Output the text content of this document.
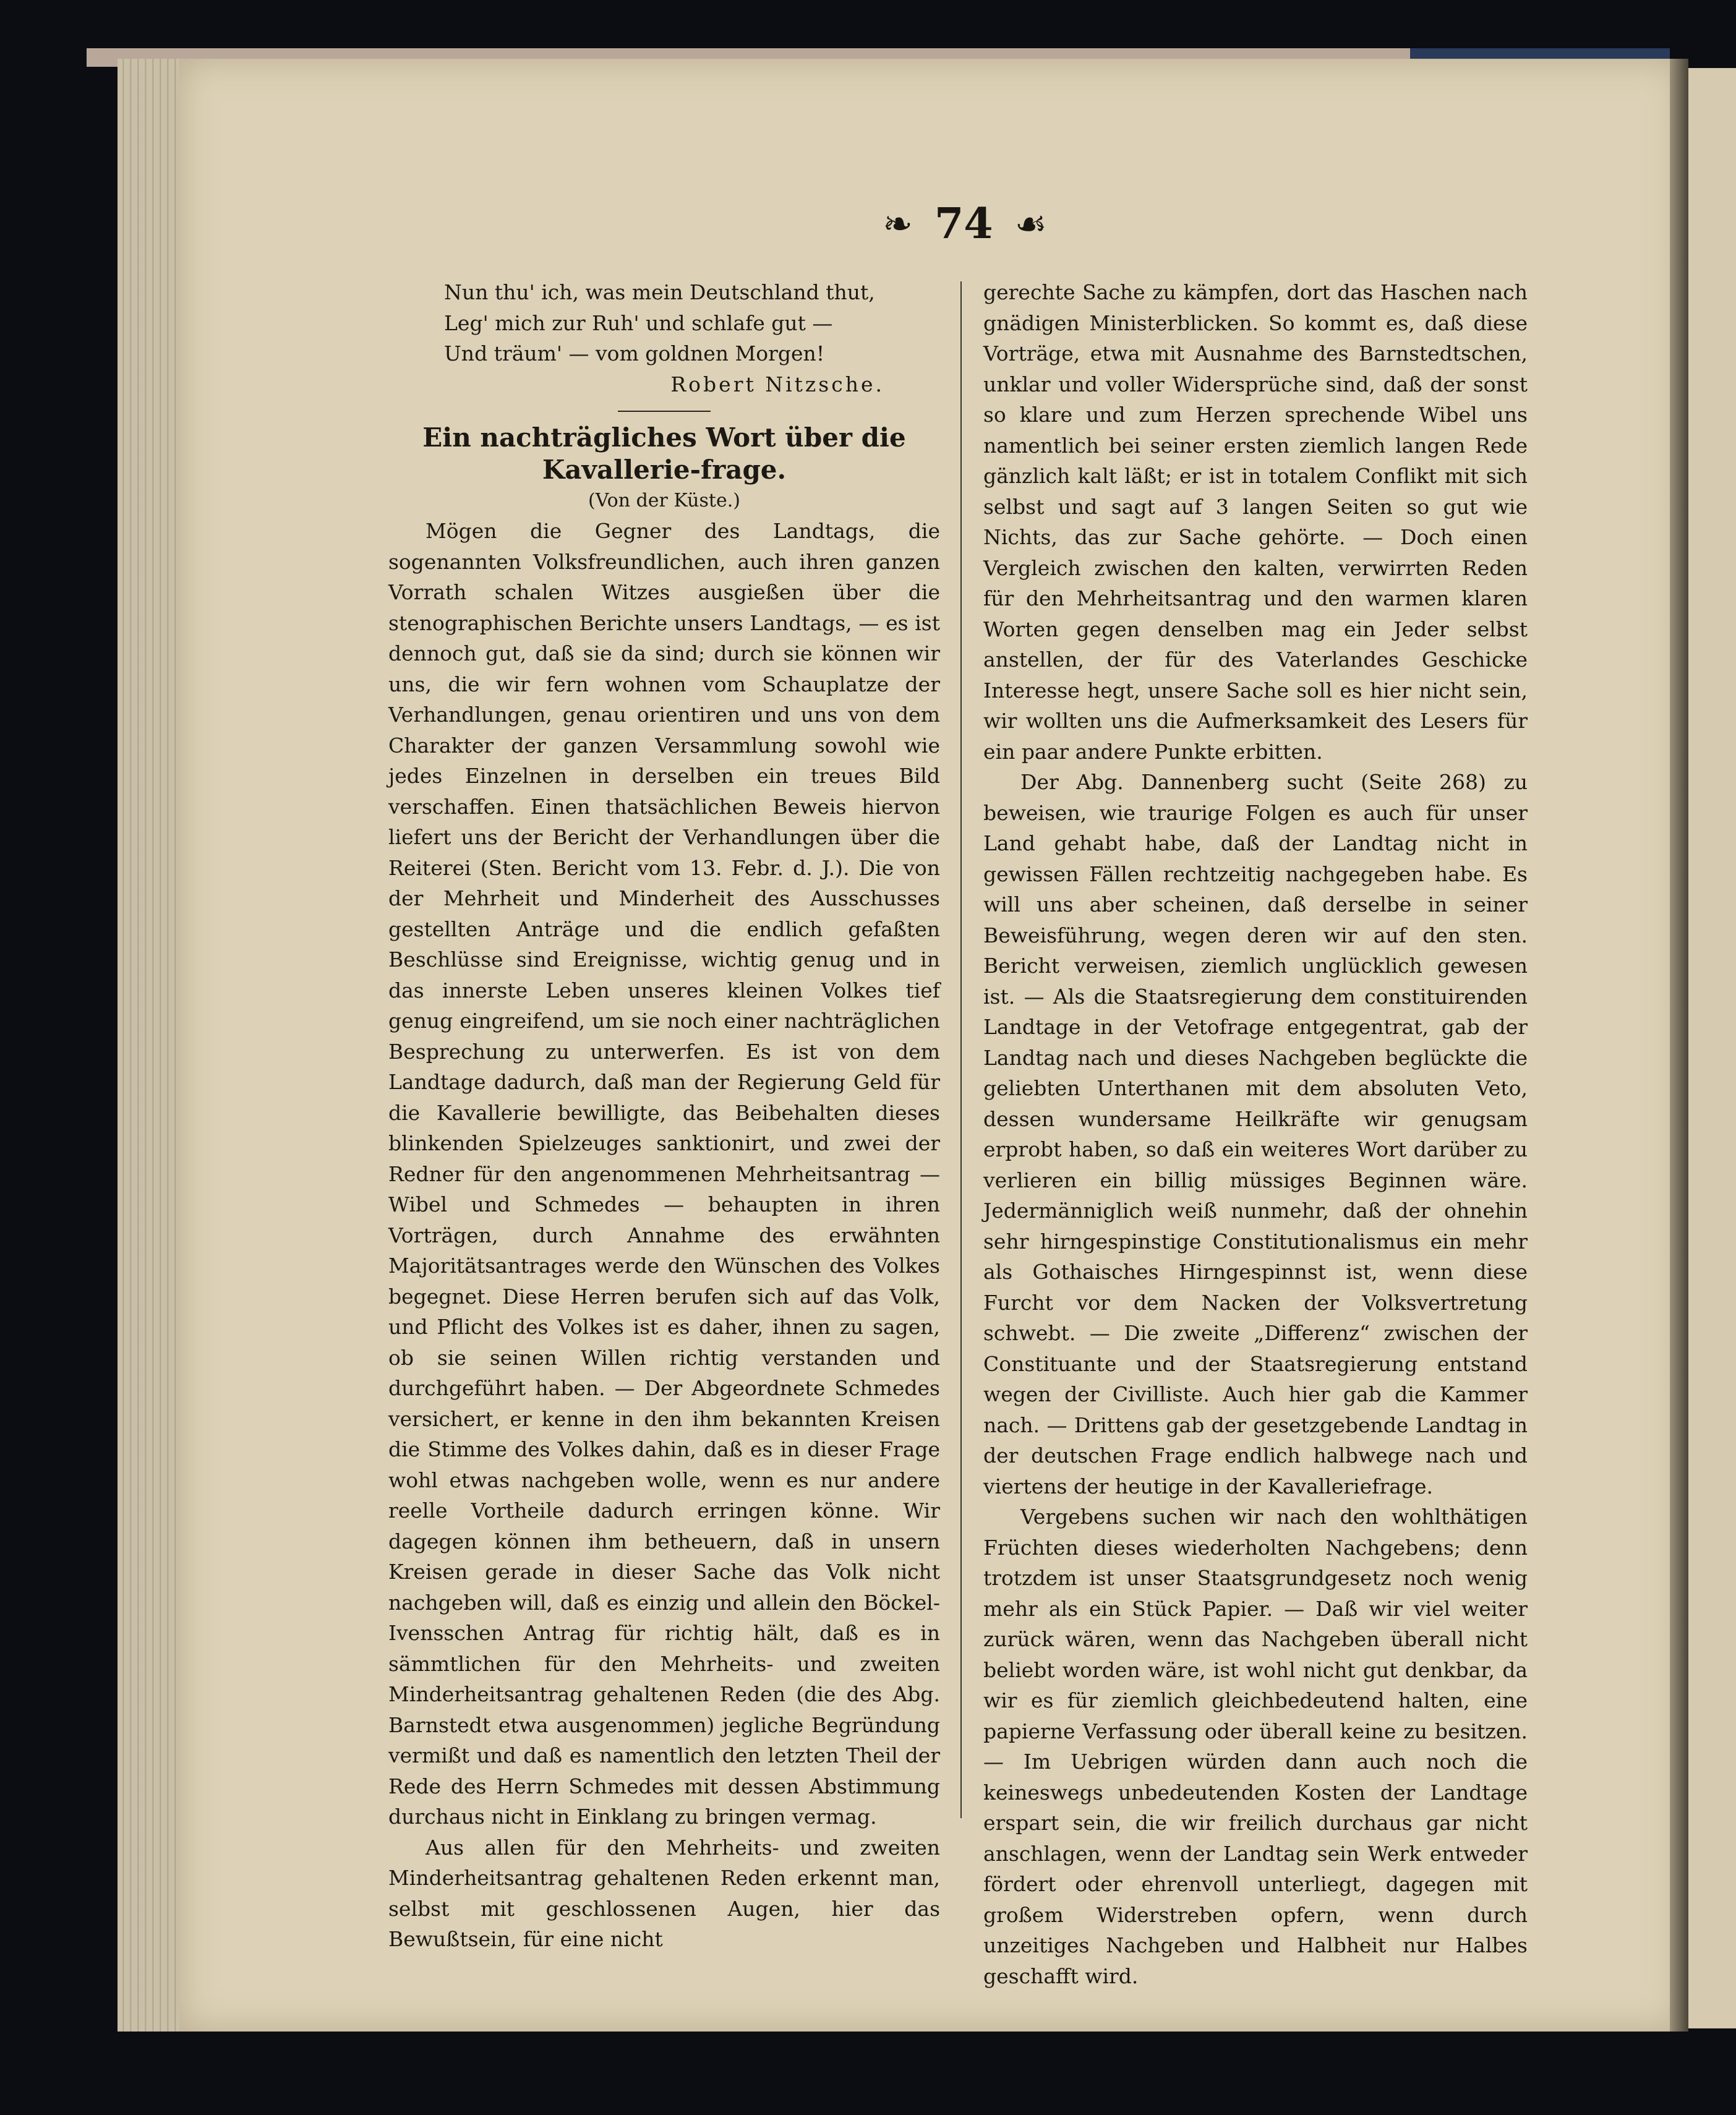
❧ 74 ☙
Nun thu' ich, was mein Deutschland thut,
Leg' mich zur Ruh' und schlafe gut —
Und träum' — vom goldnen Morgen!
Robert Nitzsche.
Ein nachträgliches Wort über die Kavallerie-frage.
(Von der Küste.)

Mögen die Gegner des Landtags, die sogenannten Volksfreundlichen, auch ihren ganzen Vorrath schalen Witzes ausgießen über die stenographischen Berichte unsers Landtags, — es ist dennoch gut, daß sie da sind; durch sie können wir uns, die wir fern wohnen vom Schauplatze der Verhandlungen, genau orientiren und uns von dem Charakter der ganzen Versammlung sowohl wie jedes Einzelnen in derselben ein treues Bild verschaffen. Einen thatsächlichen Beweis hiervon liefert uns der Bericht der Verhandlungen über die Reiterei (Sten. Bericht vom 13. Febr. d. J.). Die von der Mehrheit und Minderheit des Ausschusses gestellten Anträge und die endlich gefaßten Beschlüsse sind Ereignisse, wichtig genug und in das innerste Leben unseres kleinen Volkes tief genug eingreifend, um sie noch einer nachträglichen Besprechung zu unterwerfen. Es ist von dem Landtage dadurch, daß man der Regierung Geld für die Kavallerie bewilligte, das Beibehalten dieses blinkenden Spielzeuges sanktionirt, und zwei der Redner für den angenommenen Mehrheitsantrag — Wibel und Schmedes — behaupten in ihren Vorträgen, durch Annahme des erwähnten Majoritätsantrages werde den Wünschen des Volkes begegnet. Diese Herren berufen sich auf das Volk, und Pflicht des Volkes ist es daher, ihnen zu sagen, ob sie seinen Willen richtig verstanden und durchgeführt haben. — Der Abgeordnete Schmedes versichert, er kenne in den ihm bekannten Kreisen die Stimme des Volkes dahin, daß es in dieser Frage wohl etwas nachgeben wolle, wenn es nur andere reelle Vortheile dadurch erringen könne. Wir dagegen können ihm betheuern, daß in unsern Kreisen gerade in dieser Sache das Volk nicht nachgeben will, daß es einzig und allein den Böckel-Ivensschen Antrag für richtig hält, daß es in sämmtlichen für den Mehrheits- und zweiten Minderheitsantrag gehaltenen Reden (die des Abg. Barnstedt etwa ausgenommen) jegliche Begründung vermißt und daß es namentlich den letzten Theil der Rede des Herrn Schmedes mit dessen Abstimmung durchaus nicht in Einklang zu bringen vermag.

Aus allen für den Mehrheits- und zweiten Minderheitsantrag gehaltenen Reden erkennt man, selbst mit geschlossenen Augen, hier das Bewußtsein, für eine nicht

gerechte Sache zu kämpfen, dort das Haschen nach gnädigen Ministerblicken. So kommt es, daß diese Vorträge, etwa mit Ausnahme des Barnstedtschen, unklar und voller Widersprüche sind, daß der sonst so klare und zum Herzen sprechende Wibel uns namentlich bei seiner ersten ziemlich langen Rede gänzlich kalt läßt; er ist in totalem Conflikt mit sich selbst und sagt auf 3 langen Seiten so gut wie Nichts, das zur Sache gehörte. — Doch einen Vergleich zwischen den kalten, verwirrten Reden für den Mehrheitsantrag und den warmen klaren Worten gegen denselben mag ein Jeder selbst anstellen, der für des Vaterlandes Geschicke Interesse hegt, unsere Sache soll es hier nicht sein, wir wollten uns die Aufmerksamkeit des Lesers für ein paar andere Punkte erbitten.

Der Abg. Dannenberg sucht (Seite 268) zu beweisen, wie traurige Folgen es auch für unser Land gehabt habe, daß der Landtag nicht in gewissen Fällen rechtzeitig nachgegeben habe. Es will uns aber scheinen, daß derselbe in seiner Beweisführung, wegen deren wir auf den sten. Bericht verweisen, ziemlich unglücklich gewesen ist. — Als die Staatsregierung dem constituirenden Landtage in der Vetofrage entgegentrat, gab der Landtag nach und dieses Nachgeben beglückte die geliebten Unterthanen mit dem absoluten Veto, dessen wundersame Heilkräfte wir genugsam erprobt haben, so daß ein weiteres Wort darüber zu verlieren ein billig müssiges Beginnen wäre. Jedermänniglich weiß nunmehr, daß der ohnehin sehr hirngespinstige Constitutionalismus ein mehr als Gothaisches Hirngespinnst ist, wenn diese Furcht vor dem Nacken der Volksvertretung schwebt. — Die zweite „Differenz“ zwischen der Constituante und der Staatsregierung entstand wegen der Civilliste. Auch hier gab die Kammer nach. — Drittens gab der gesetzgebende Landtag in der deutschen Frage endlich halbwege nach und viertens der heutige in der Kavalleriefrage.

Vergebens suchen wir nach den wohlthätigen Früchten dieses wiederholten Nachgebens; denn trotzdem ist unser Staatsgrundgesetz noch wenig mehr als ein Stück Papier. — Daß wir viel weiter zurück wären, wenn das Nachgeben überall nicht beliebt worden wäre, ist wohl nicht gut denkbar, da wir es für ziemlich gleichbedeutend halten, eine papierne Verfassung oder überall keine zu besitzen. — Im Uebrigen würden dann auch noch die keineswegs unbedeutenden Kosten der Landtage erspart sein, die wir freilich durchaus gar nicht anschlagen, wenn der Landtag sein Werk entweder fördert oder ehrenvoll unterliegt, dagegen mit großem Widerstreben opfern, wenn durch unzeitiges Nachgeben und Halbheit nur Halbes geschafft wird.
